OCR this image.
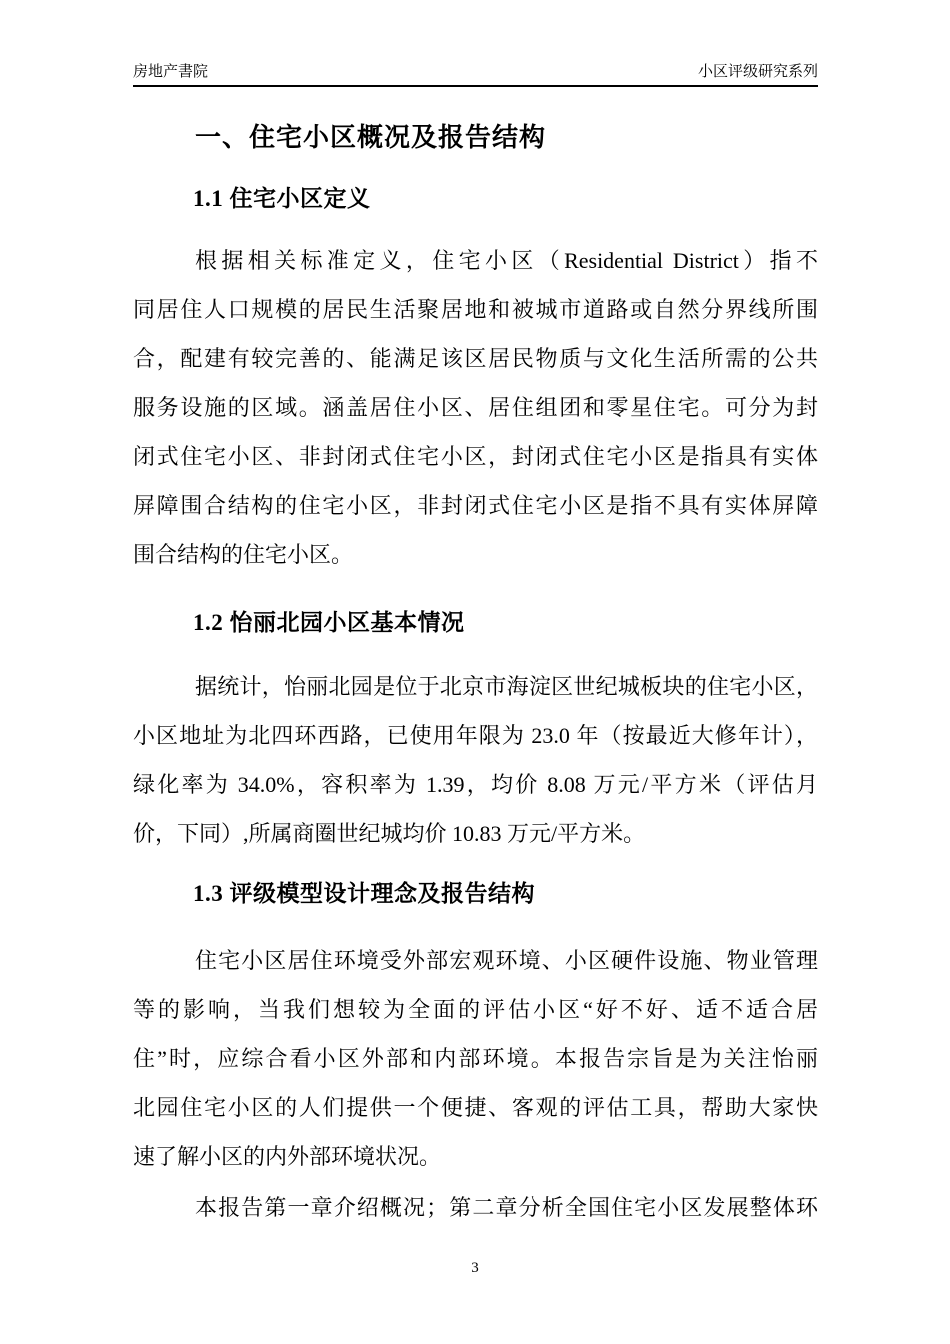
房地产書院	小区评级研究系列
一、住宅小区概况及报告结构
1.1 住宅小区定义
根据相关标准定义，住宅小区（Residential District）指不
同居住人口规模的居民生活聚居地和被城市道路或自然分界线所围
合，配建有较完善的、能满足该区居民物质与文化生活所需的公共
服务设施的区域。涵盖居住小区、居住组团和零星住宅。可分为封
闭式住宅小区、非封闭式住宅小区，封闭式住宅小区是指具有实体
屏障围合结构的住宅小区，非封闭式住宅小区是指不具有实体屏障
围合结构的住宅小区。
1.2 怡丽北园小区基本情况
据统计，怡丽北园是位于北京市海淀区世纪城板块的住宅小区，
小区地址为北四环西路，已使用年限为 23.0 年（按最近大修年计），
绿化率为 34.0%，容积率为 1.39，均价 8.08 万元/平方米（评估月
价，下同）,所属商圈世纪城均价 10.83 万元/平方米。
1.3 评级模型设计理念及报告结构
住宅小区居住环境受外部宏观环境、小区硬件设施、物业管理
等的影响，当我们想较为全面的评估小区“好不好、适不适合居
住”时，应综合看小区外部和内部环境。本报告宗旨是为关注怡丽
北园住宅小区的人们提供一个便捷、客观的评估工具，帮助大家快
速了解小区的内外部环境状况。
本报告第一章介绍概况；第二章分析全国住宅小区发展整体环
3
